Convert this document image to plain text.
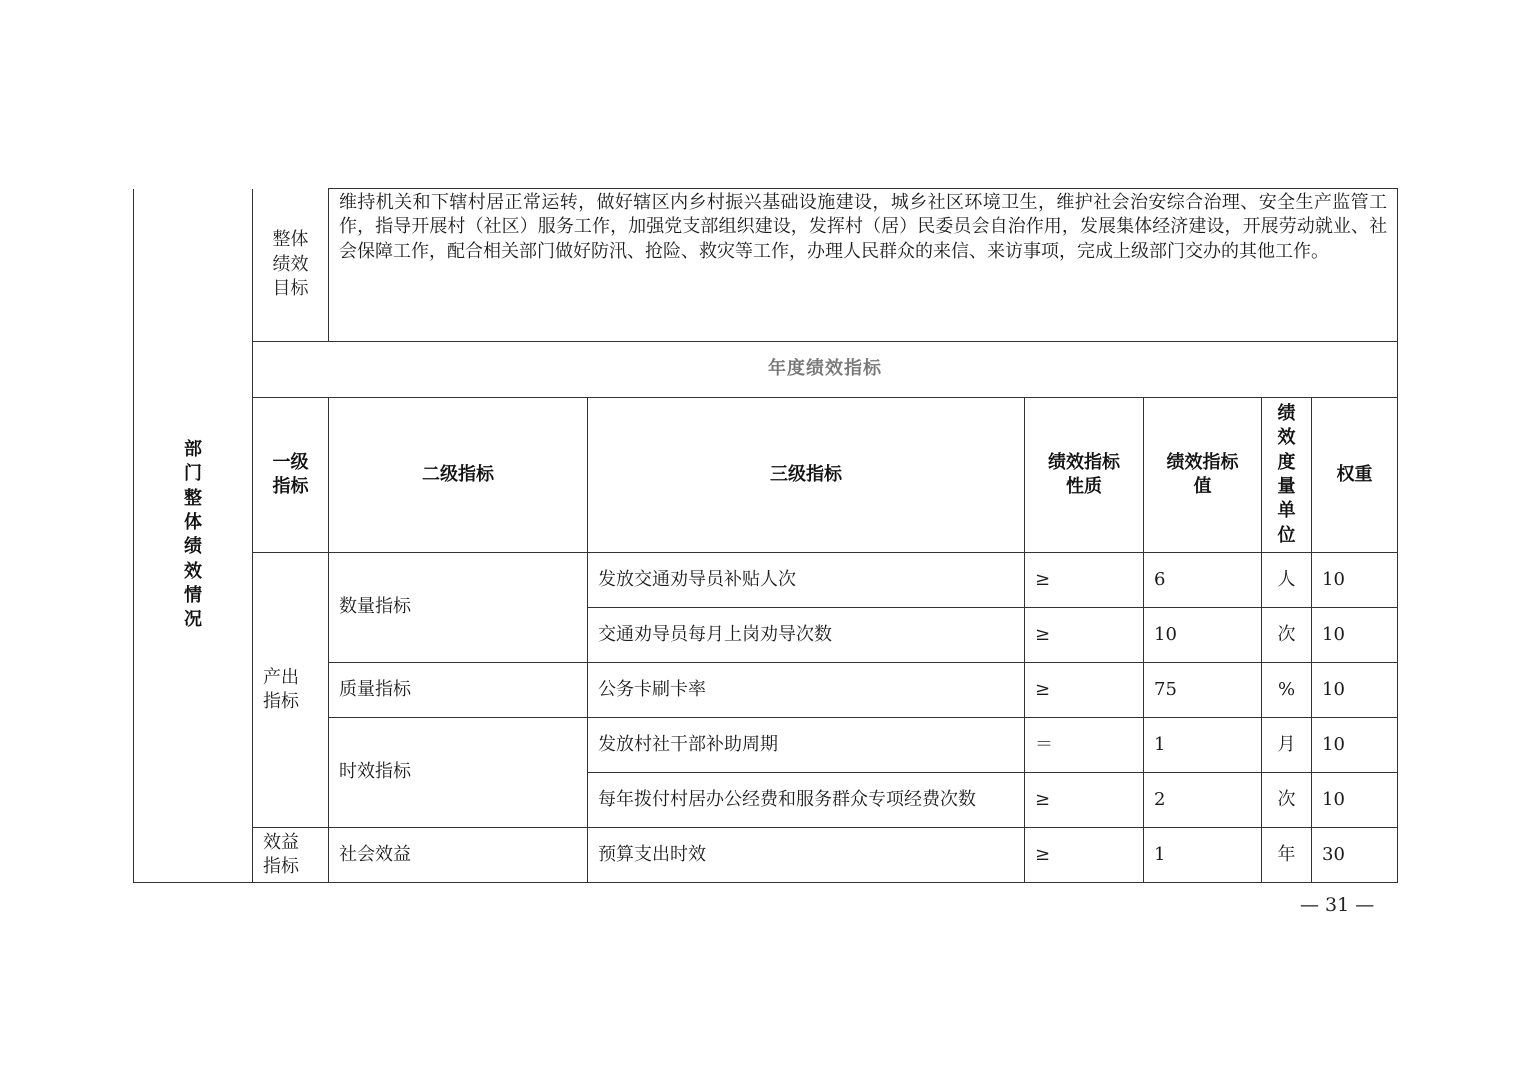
部门整体绩效情况	整体绩效目标	维持机关和下辖村居正常运转，做好辖区内乡村振兴基础设施建设，城乡社区环境卫生，维护社会治安综合治理、安全生产监管工作，指导开展村（社区）服务工作，加强党支部组织建设，发挥村（居）民委员会自治作用，发展集体经济建设，开展劳动就业、社会保障工作，配合相关部门做好防汛、抢险、救灾等工作，办理人民群众的来信、来访事项，完成上级部门交办的其他工作。					
	年度绩效指标						
	一级指标	二级指标	三级指标	绩效指标性质	绩效指标值	绩效度量单位	权重
	产出指标	数量指标	发放交通劝导员补贴人次	≥	6	人	10
			交通劝导员每月上岗劝导次数	≥	10	次	10
		质量指标	公务卡刷卡率	≥	75	%	10
		时效指标	发放村社干部补助周期	＝	1	月	10
			每年拨付村居办公经费和服务群众专项经费次数	≥	2	次	10
	效益指标	社会效益	预算支出时效	≥	1	年	30
— 31 —
